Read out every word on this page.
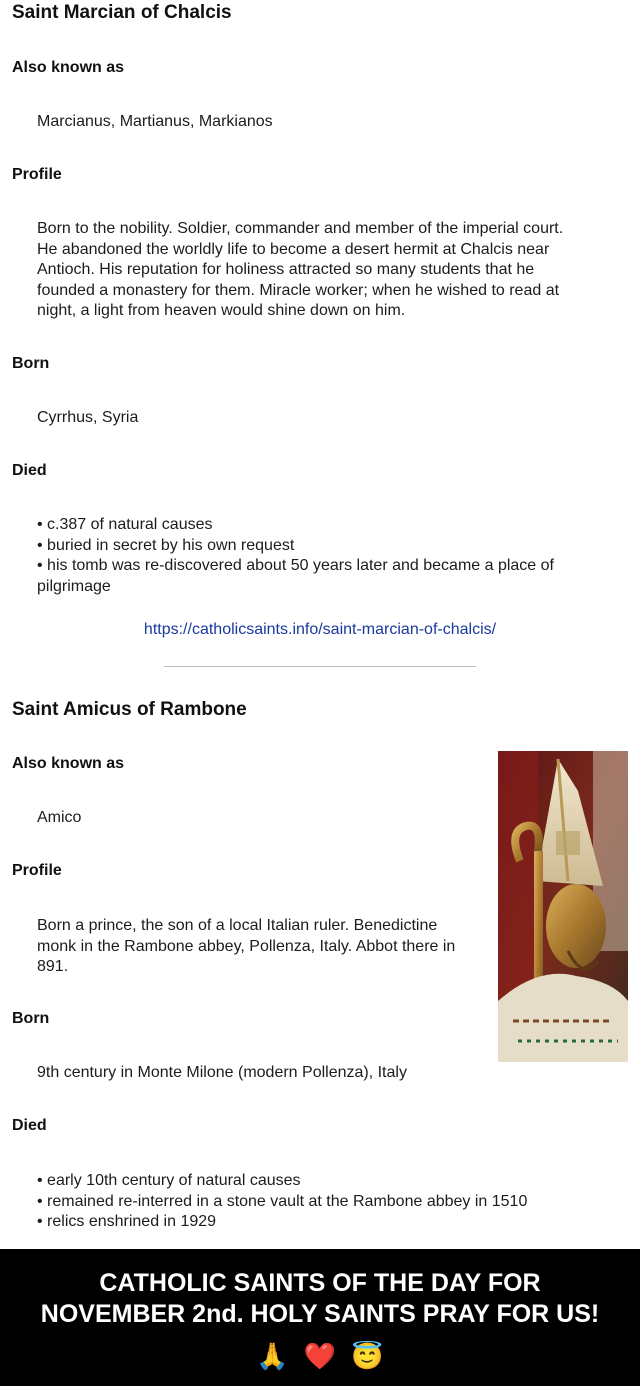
Saint Marcian of Chalcis
Also known as
Marcianus, Martianus, Markianos
Profile
Born to the nobility. Soldier, commander and member of the imperial court.
He abandoned the worldly life to become a desert hermit at Chalcis near
Antioch. His reputation for holiness attracted so many students that he
founded a monastery for them. Miracle worker; when he wished to read at
night, a light from heaven would shine down on him.
Born
Cyrrhus, Syria
Died
• c.387 of natural causes
• buried in secret by his own request
• his tomb was re-discovered about 50 years later and became a place of
pilgrimage
https://catholicsaints.info/saint-marcian-of-chalcis/
Saint Amicus of Rambone
Also known as
Amico
Profile
Born a prince, the son of a local Italian ruler. Benedictine
monk in the Rambone abbey, Pollenza, Italy. Abbot there in
891.
Born
9th century in Monte Milone (modern Pollenza), Italy
Died
• early 10th century of natural causes
• remained re-interred in a stone vault at the Rambone abbey in 1510
• relics enshrined in 1929
CATHOLIC SAINTS OF THE DAY FOR
NOVEMBER 2nd. HOLY SAINTS PRAY FOR US!
🙏 ❤️ 😇
